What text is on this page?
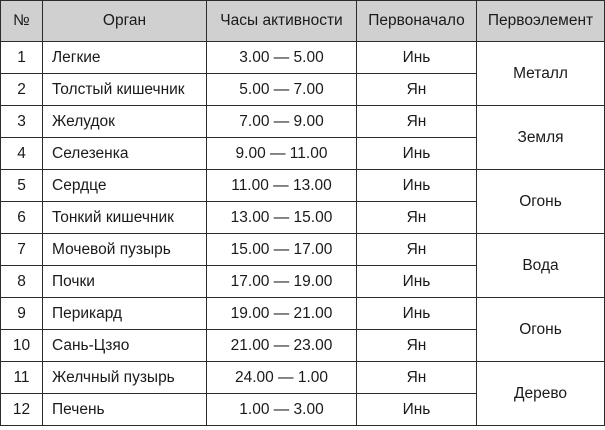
№	Орган	Часы активности	Первоначало	Первоэлемент
1	Легкие	3.00 — 5.00	Инь	Металл
2	Толстый кишечник	5.00 — 7.00	Ян	
3	Желудок	7.00 — 9.00	Ян	Земля
4	Селезенка	9.00 — 11.00	Инь	
5	Сердце	11.00 — 13.00	Инь	Огонь
6	Тонкий кишечник	13.00 — 15.00	Ян	
7	Мочевой пузырь	15.00 — 17.00	Ян	Вода
8	Почки	17.00 — 19.00	Инь	
9	Перикард	19.00 — 21.00	Инь	Огонь
10	Сань-Цзяо	21.00 — 23.00	Ян	
11	Желчный пузырь	24.00 — 1.00	Ян	Дерево
12	Печень	1.00 — 3.00	Инь	
